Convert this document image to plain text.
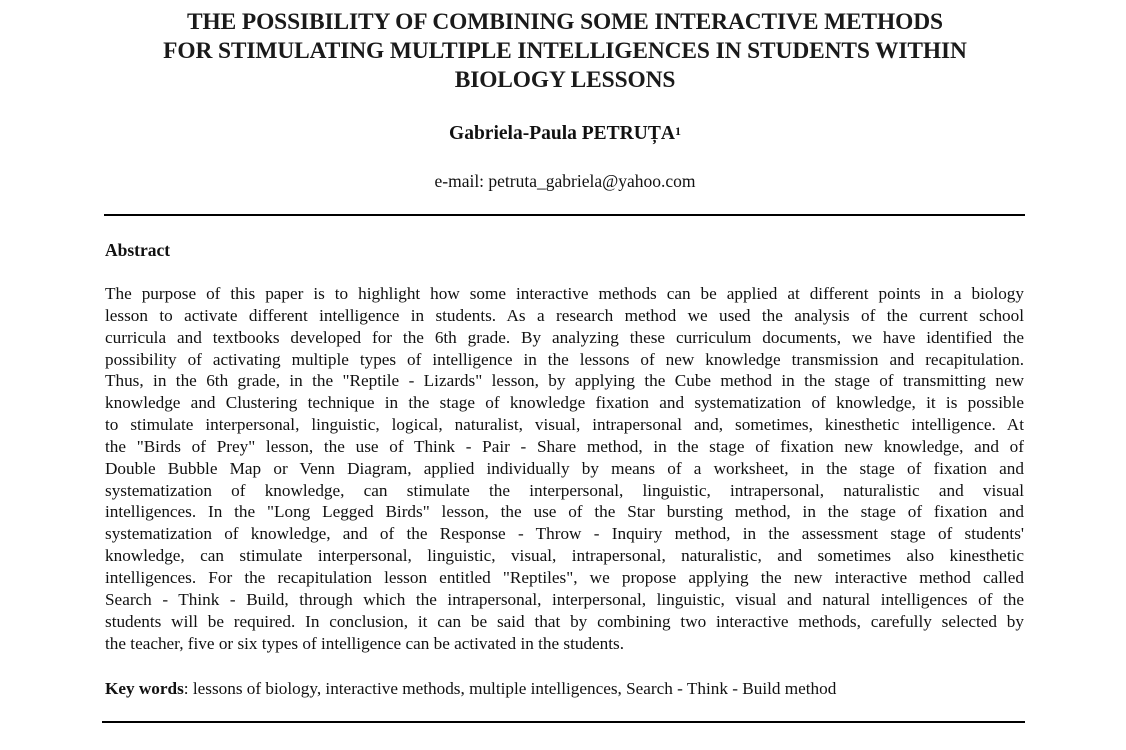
THE POSSIBILITY OF COMBINING SOME INTERACTIVE METHODS
FOR STIMULATING MULTIPLE INTELLIGENCES IN STUDENTS WITHIN
BIOLOGY LESSONS
Gabriela-Paula PETRUȚA$^1$
e-mail: petruta_gabriela@yahoo.com
Abstract
The purpose of this paper is to highlight how some interactive methods can be applied at different points in a biology
lesson to activate different intelligence in students. As a research method we used the analysis of the current school
curricula and textbooks developed for the 6th grade. By analyzing these curriculum documents, we have identified the
possibility of activating multiple types of intelligence in the lessons of new knowledge transmission and recapitulation.
Thus, in the 6th grade, in the "Reptile - Lizards" lesson, by applying the Cube method in the stage of transmitting new
knowledge and Clustering technique in the stage of knowledge fixation and systematization of knowledge, it is possible
to stimulate interpersonal, linguistic, logical, naturalist, visual, intrapersonal and, sometimes, kinesthetic intelligence. At
the "Birds of Prey" lesson, the use of Think - Pair - Share method, in the stage of fixation new knowledge, and of
Double Bubble Map or Venn Diagram, applied individually by means of a worksheet, in the stage of fixation and
systematization of knowledge, can stimulate the interpersonal, linguistic, intrapersonal, naturalistic and visual
intelligences. In the "Long Legged Birds" lesson, the use of the Star bursting method, in the stage of fixation and
systematization of knowledge, and of the Response - Throw - Inquiry method, in the assessment stage of students'
knowledge, can stimulate interpersonal, linguistic, visual, intrapersonal, naturalistic, and sometimes also kinesthetic
intelligences. For the recapitulation lesson entitled "Reptiles", we propose applying the new interactive method called
Search - Think - Build, through which the intrapersonal, interpersonal, linguistic, visual and natural intelligences of the
students will be required. In conclusion, it can be said that by combining two interactive methods, carefully selected by
the teacher, five or six types of intelligence can be activated in the students.
Key words: lessons of biology, interactive methods, multiple intelligences, Search - Think - Build method
